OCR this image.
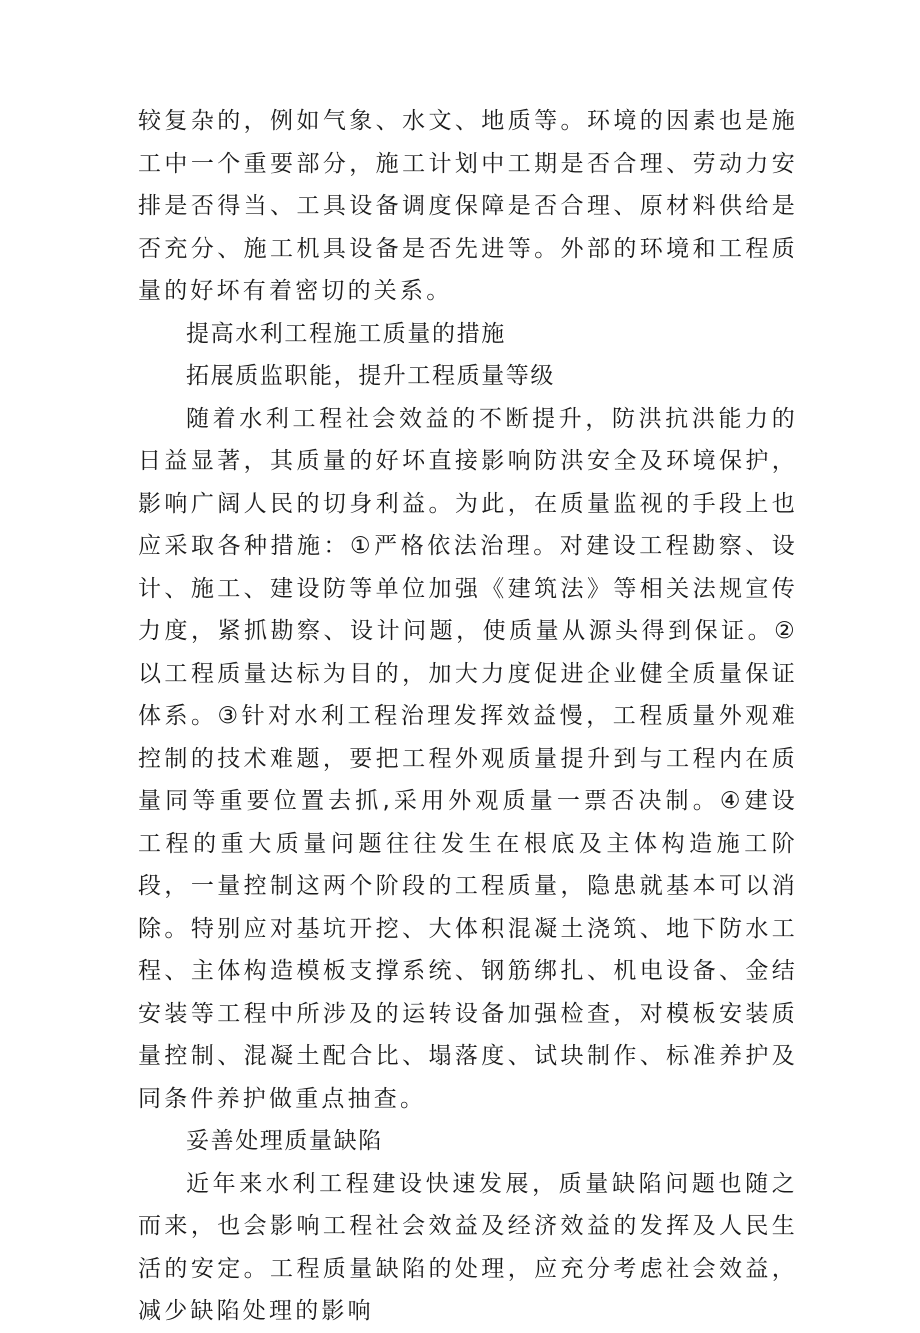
较复杂的，例如气象、水文、地质等。环境的因素也是施工中一个重要部分，施工计划中工期是否合理、劳动力安排是否得当、工具设备调度保障是否合理、原材料供给是否充分、施工机具设备是否先进等。外部的环境和工程质量的好坏有着密切的关系。

提高水利工程施工质量的措施

拓展质监职能，提升工程质量等级

随着水利工程社会效益的不断提升，防洪抗洪能力的日益显著，其质量的好坏直接影响防洪安全及环境保护，影响广阔人民的切身利益。为此，在质量监视的手段上也应采取各种措施：①严格依法治理。对建设工程勘察、设计、施工、建设防等单位加强《建筑法》等相关法规宣传力度，紧抓勘察、设计问题，使质量从源头得到保证。②以工程质量达标为目的，加大力度促进企业健全质量保证体系。③针对水利工程治理发挥效益慢，工程质量外观难控制的技术难题，要把工程外观质量提升到与工程内在质量同等重要位置去抓,采用外观质量一票否决制。④建设工程的重大质量问题往往发生在根底及主体构造施工阶段，一量控制这两个阶段的工程质量，隐患就基本可以消除。特别应对基坑开挖、大体积混凝土浇筑、地下防水工程、主体构造模板支撑系统、钢筋绑扎、机电设备、金结安装等工程中所涉及的运转设备加强检查，对模板安装质量控制、混凝土配合比、塌落度、试块制作、标准养护及同条件养护做重点抽查。

妥善处理质量缺陷

近年来水利工程建设快速发展，质量缺陷问题也随之而来，也会影响工程社会效益及经济效益的发挥及人民生活的安定。工程质量缺陷的处理，应充分考虑社会效益，减少缺陷处理的影响
